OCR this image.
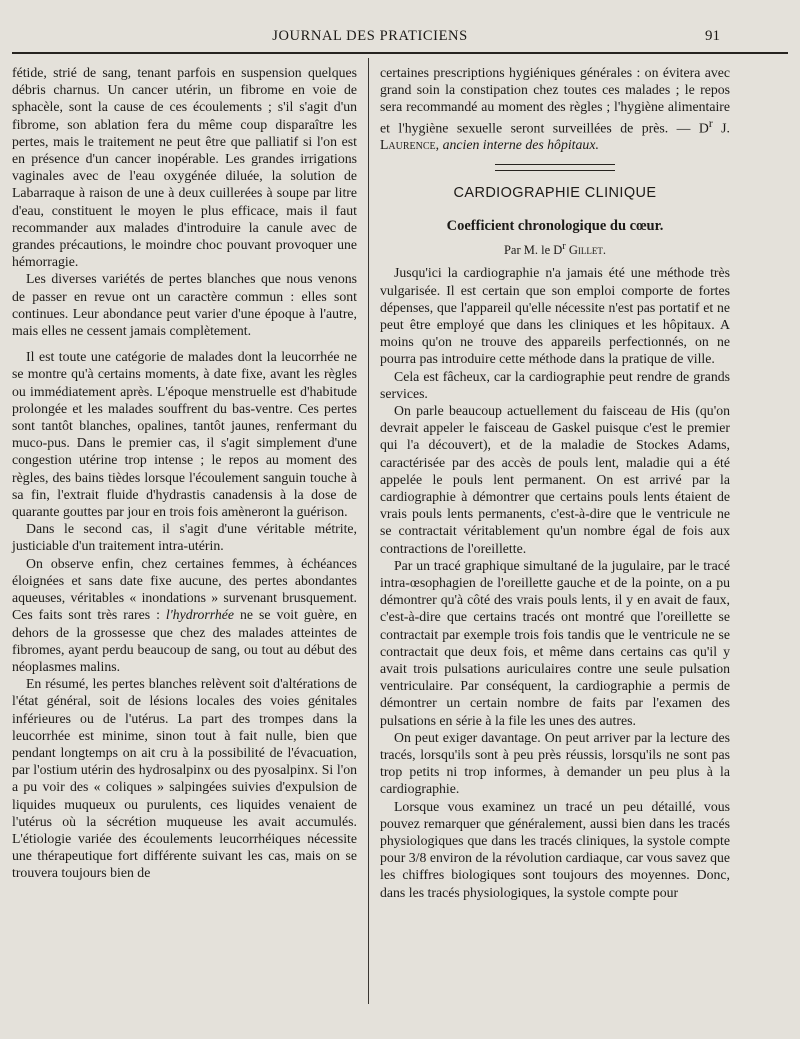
JOURNAL DES PRATICIENS	91

fétide, strié de sang, tenant parfois en suspension quelques débris charnus. Un cancer utérin, un fibrome en voie de sphacèle, sont la cause de ces écoulements ; s'il s'agit d'un fibrome, son ablation fera du même coup disparaître les pertes, mais le traitement ne peut être que palliatif si l'on est en présence d'un cancer inopérable. Les grandes irrigations vaginales avec de l'eau oxygénée diluée, la solution de Labarraque à raison de une à deux cuillerées à soupe par litre d'eau, constituent le moyen le plus efficace, mais il faut recommander aux malades d'introduire la canule avec de grandes précautions, le moindre choc pouvant provoquer une hémorragie.

Les diverses variétés de pertes blanches que nous venons de passer en revue ont un caractère commun : elles sont continues. Leur abondance peut varier d'une époque à l'autre, mais elles ne cessent jamais complètement.

Il est toute une catégorie de malades dont la leucorrhée ne se montre qu'à certains moments, à date fixe, avant les règles ou immédiatement après. L'époque menstruelle est d'habitude prolongée et les malades souffrent du bas-ventre. Ces pertes sont tantôt blanches, opalines, tantôt jaunes, renfermant du muco-pus. Dans le premier cas, il s'agit simplement d'une congestion utérine trop intense ; le repos au moment des règles, des bains tièdes lorsque l'écoulement sanguin touche à sa fin, l'extrait fluide d'hydrastis canadensis à la dose de quarante gouttes par jour en trois fois amèneront la guérison.

Dans le second cas, il s'agit d'une véritable métrite, justiciable d'un traitement intra-utérin.

On observe enfin, chez certaines femmes, à échéances éloignées et sans date fixe aucune, des pertes abondantes aqueuses, véritables « inondations » survenant brusquement. Ces faits sont très rares : l'hydrorrhée ne se voit guère, en dehors de la grossesse que chez des malades atteintes de fibromes, ayant perdu beaucoup de sang, ou tout au début des néoplasmes malins.

En résumé, les pertes blanches relèvent soit d'altérations de l'état général, soit de lésions locales des voies génitales inférieures ou de l'utérus. La part des trompes dans la leucorrhée est minime, sinon tout à fait nulle, bien que pendant longtemps on ait cru à la possibilité de l'évacuation, par l'ostium utérin des hydrosalpinx ou des pyosalpinx. Si l'on a pu voir des « coliques » salpingées suivies d'expulsion de liquides muqueux ou purulents, ces liquides venaient de l'utérus où la sécrétion muqueuse les avait accumulés. L'étiologie variée des écoulements leucorrhéiques nécessite une thérapeutique fort différente suivant les cas, mais on se trouvera toujours bien de

certaines prescriptions hygiéniques générales : on évitera avec grand soin la constipation chez toutes ces malades ; le repos sera recommandé au moment des règles ; l'hygiène alimentaire et l'hygiène sexuelle seront surveillées de près. — $D^r$ J. Laurence, ancien interne des hôpitaux.

CARDIOGRAPHIE CLINIQUE
Coefficient chronologique du cœur.
Par M. le $D^r$ Gillet.

Jusqu'ici la cardiographie n'a jamais été une méthode très vulgarisée. Il est certain que son emploi comporte de fortes dépenses, que l'appareil qu'elle nécessite n'est pas portatif et ne peut être employé que dans les cliniques et les hôpitaux. A moins qu'on ne trouve des appareils perfectionnés, on ne pourra pas introduire cette méthode dans la pratique de ville.

Cela est fâcheux, car la cardiographie peut rendre de grands services.

On parle beaucoup actuellement du faisceau de His (qu'on devrait appeler le faisceau de Gaskel puisque c'est le premier qui l'a découvert), et de la maladie de Stockes Adams, caractérisée par des accès de pouls lent, maladie qui a été appelée le pouls lent permanent. On est arrivé par la cardiographie à démontrer que certains pouls lents étaient de vrais pouls lents permanents, c'est-à-dire que le ventricule ne se contractait véritablement qu'un nombre égal de fois aux contractions de l'oreillette.

Par un tracé graphique simultané de la jugulaire, par le tracé intra-œsophagien de l'oreillette gauche et de la pointe, on a pu démontrer qu'à côté des vrais pouls lents, il y en avait de faux, c'est-à-dire que certains tracés ont montré que l'oreillette se contractait par exemple trois fois tandis que le ventricule ne se contractait que deux fois, et même dans certains cas qu'il y avait trois pulsations auriculaires contre une seule pulsation ventriculaire. Par conséquent, la cardiographie a permis de démontrer un certain nombre de faits par l'examen des pulsations en série à la file les unes des autres.

On peut exiger davantage. On peut arriver par la lecture des tracés, lorsqu'ils sont à peu près réussis, lorsqu'ils ne sont pas trop petits ni trop informes, à demander un peu plus à la cardiographie.

Lorsque vous examinez un tracé un peu détaillé, vous pouvez remarquer que généralement, aussi bien dans les tracés physiologiques que dans les tracés cliniques, la systole compte pour 3/8 environ de la révolution cardiaque, car vous savez que les chiffres biologiques sont toujours des moyennes. Donc, dans les tracés physiologiques, la systole compte pour
